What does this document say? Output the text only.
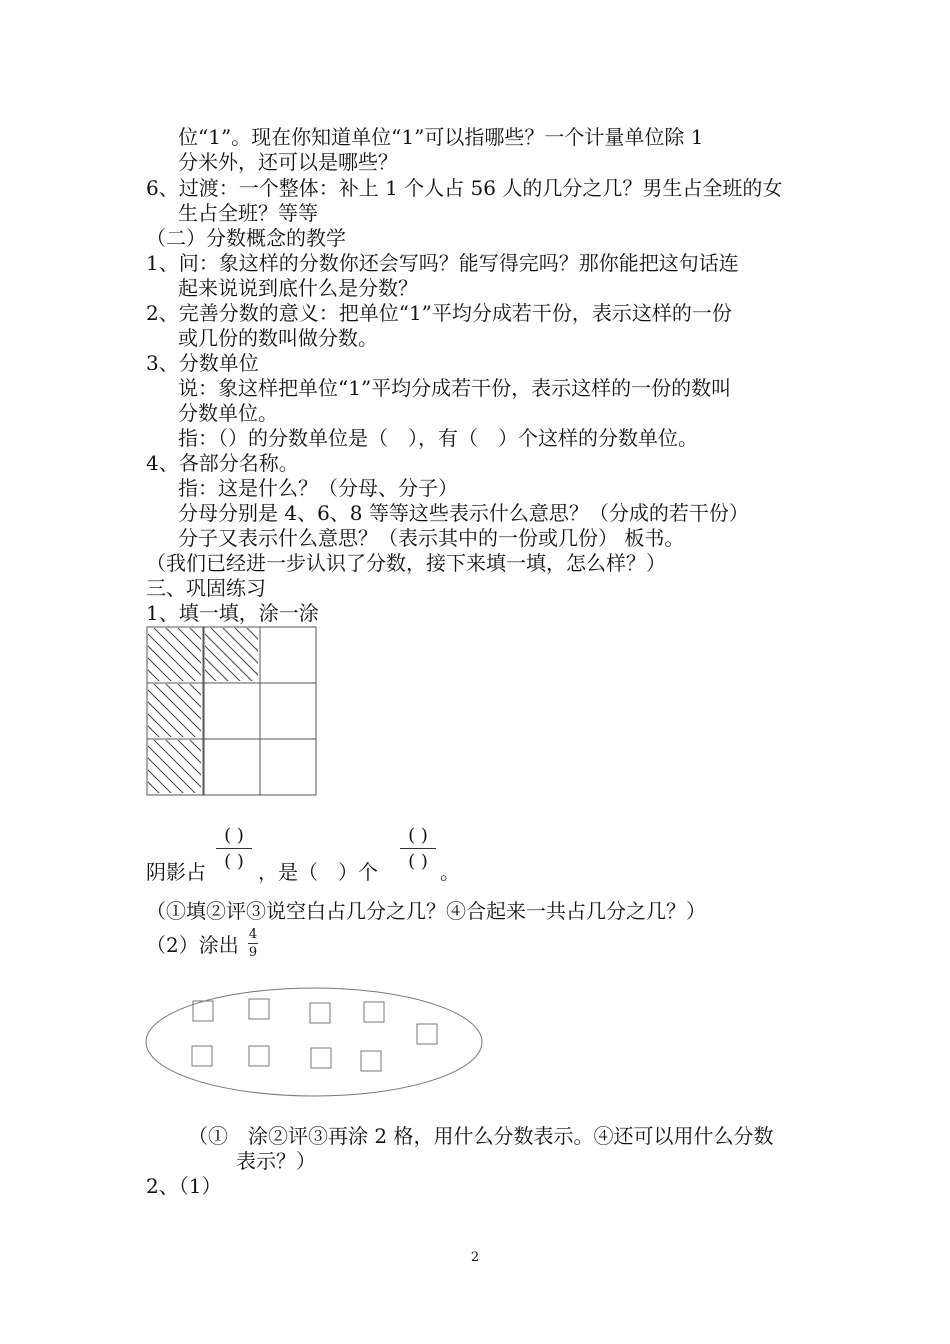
位“1”。现在你知道单位“1”可以指哪些？一个计量单位除 1
分米外，还可以是哪些？
6、过渡：一个整体：补上 1 个人占 56 人的几分之几？男生占全班的女
生占全班？等等
（二）分数概念的教学
1、问：象这样的分数你还会写吗？能写得完吗？那你能把这句话连
起来说说到底什么是分数？
2、完善分数的意义：把单位“1”平均分成若干份，表示这样的一份
或几份的数叫做分数。
3、分数单位
说：象这样把单位“1”平均分成若干份，表示这样的一份的数叫
分数单位。
指：（）的分数单位是（　），有（　）个这样的分数单位。
4、各部分名称。
指：这是什么？（分母、分子）
分母分别是 4、6、8 等等这些表示什么意思？（分成的若干份）
分子又表示什么意思？（表示其中的一份或几份） 板书。
（我们已经进一步认识了分数，接下来填一填，怎么样？）
三、巩固练习
1、填一填，涂一涂
阴影占
( )
( ) ，是（　）个
( )
( ) 。
（①填②评③说空白占几分之几？④合起来一共占几分之几？）
（2）涂出 4
9
（①　涂②评③再涂 2 格，用什么分数表示。④还可以用什么分数
表示？）
2、（1）
2
